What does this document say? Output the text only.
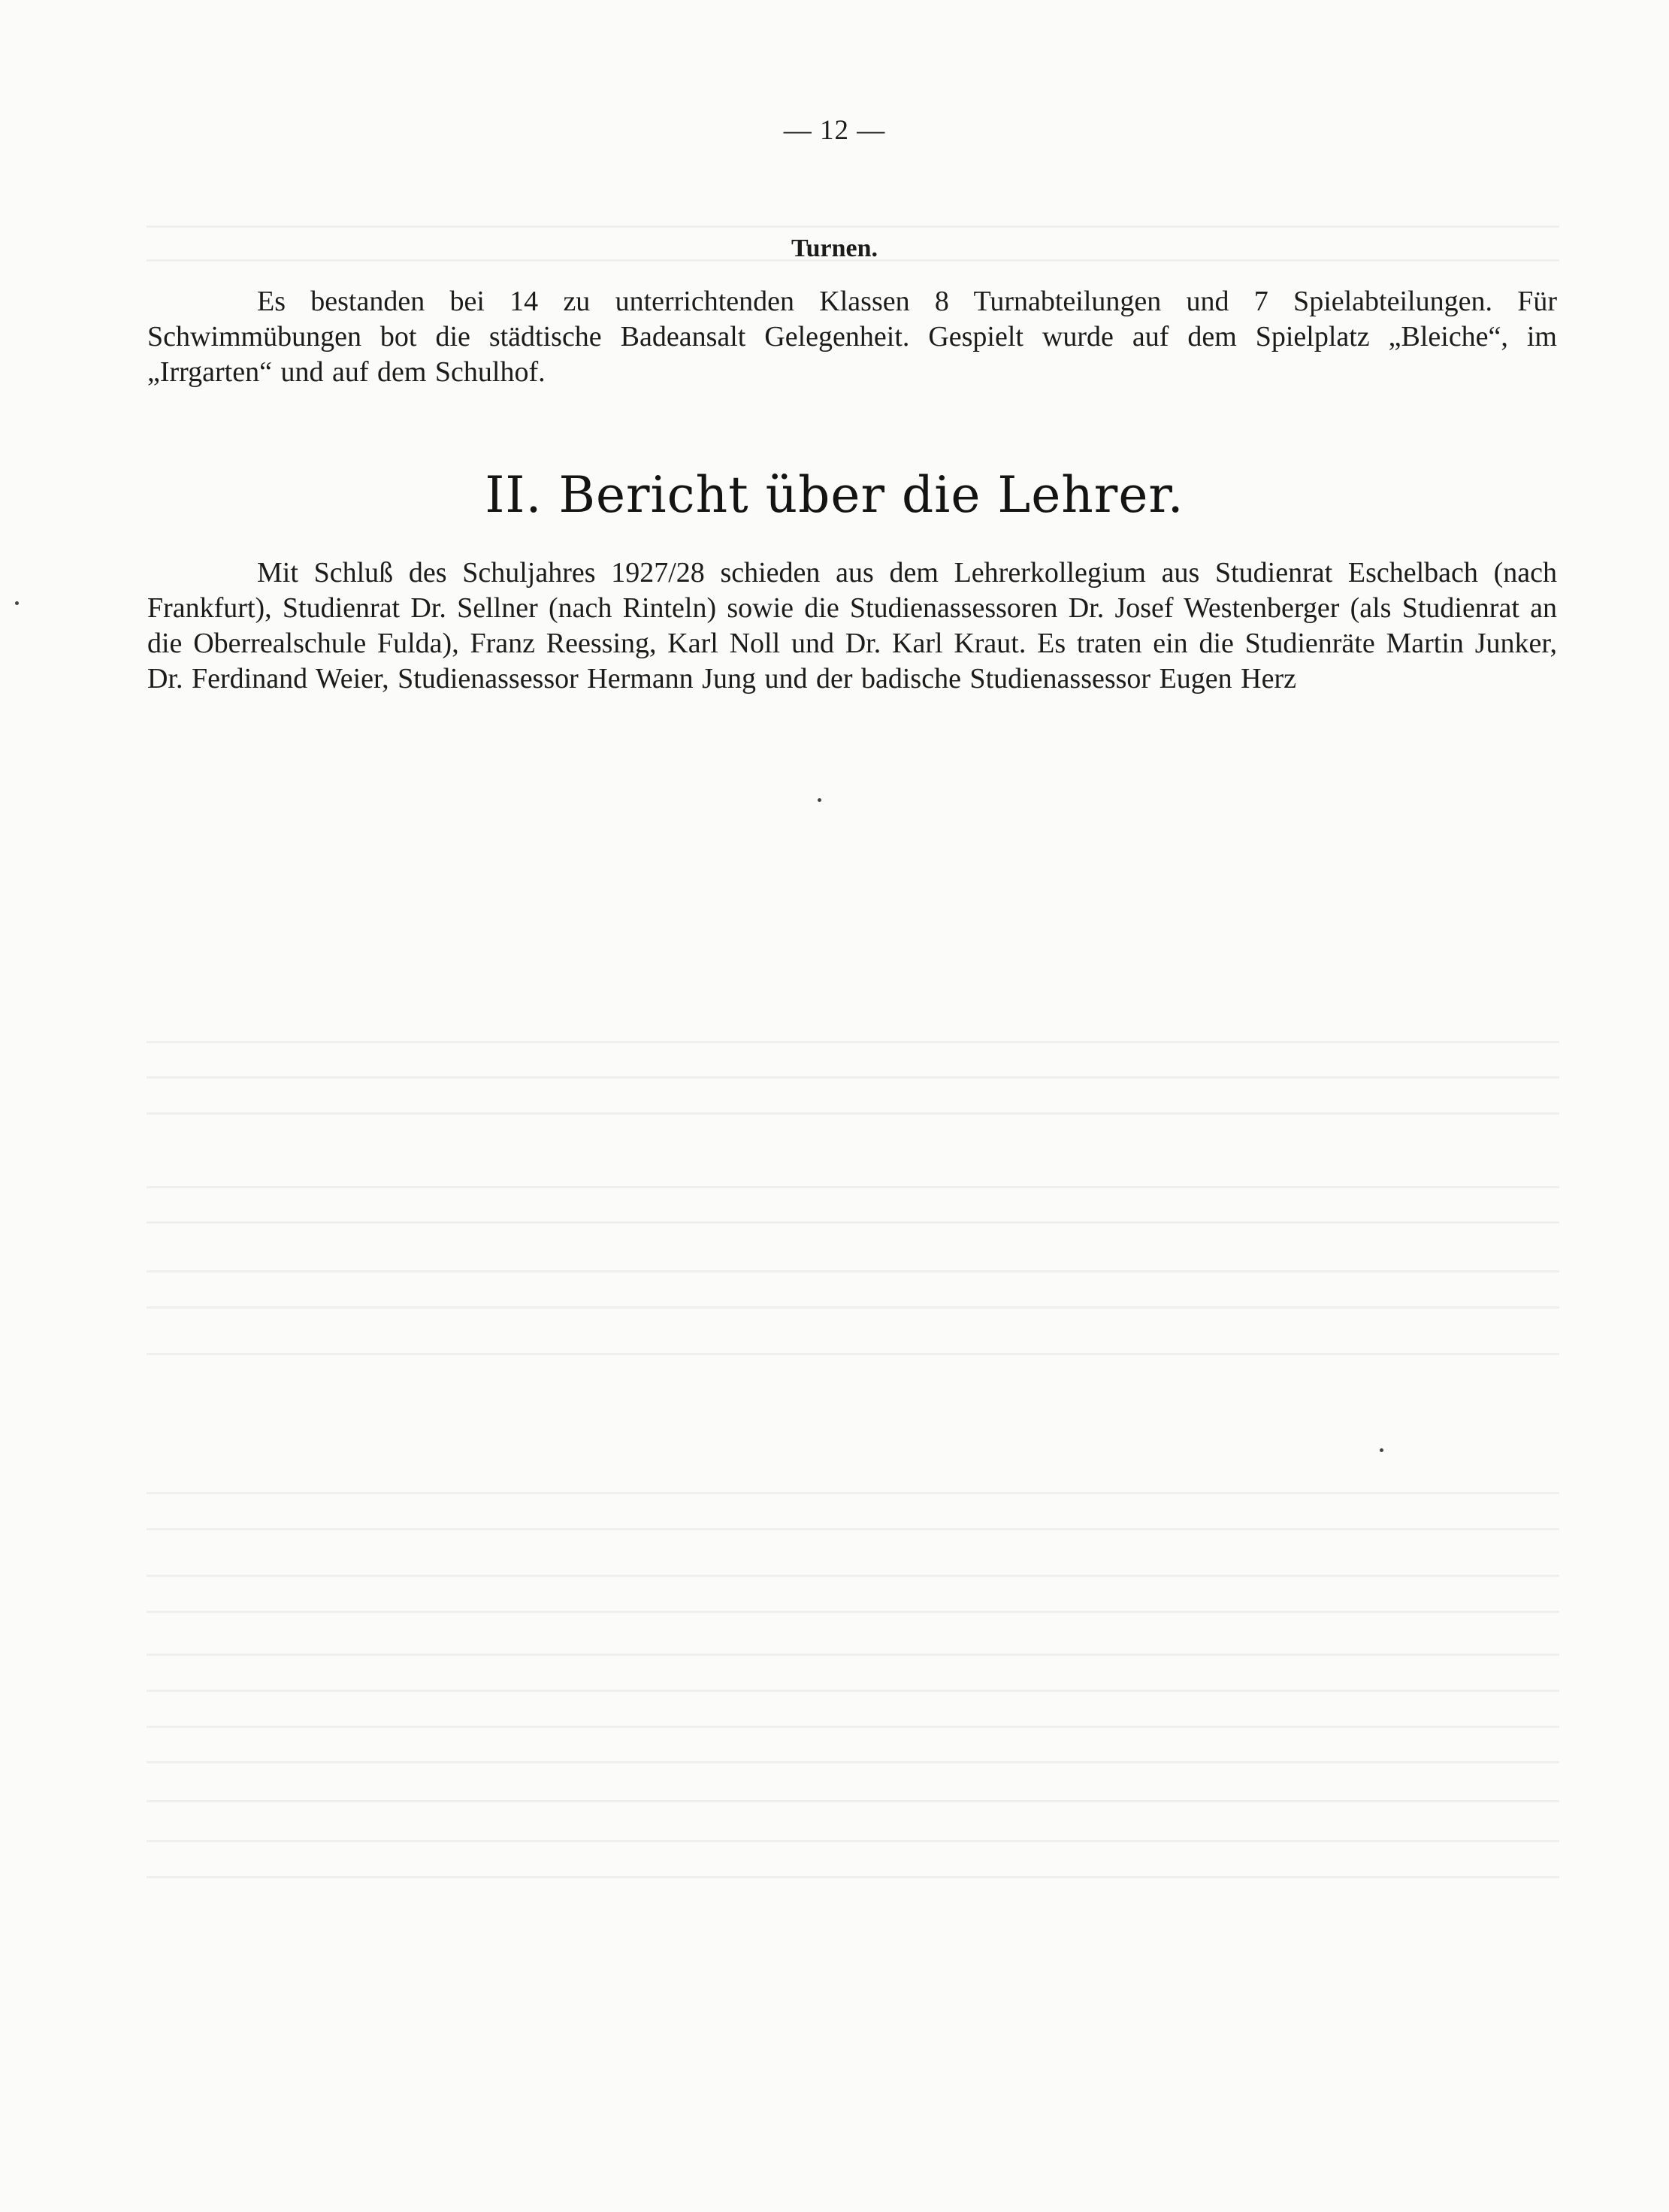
— 12 —
Turnen.

Es bestanden bei 14 zu unterrichtenden Klassen 8 Turnabteilungen und 7 Spielabteilungen. Für Schwimmübungen bot die städtische Badeansalt Gelegenheit. Gespielt wurde auf dem Spielplatz „Bleiche“, im „Irrgarten“ und auf dem Schulhof.

II. Bericht über die Lehrer.

Mit Schluß des Schuljahres 1927/28 schieden aus dem Lehrerkollegium aus Studienrat Eschelbach (nach Frankfurt), Studienrat Dr. Sellner (nach Rinteln) sowie die Studienassessoren Dr. Josef Westenberger (als Studienrat an die Oberrealschule Fulda), Franz Reessing, Karl Noll und Dr. Karl Kraut. Es traten ein die Studienräte Martin Junker, Dr. Ferdinand Weier, Studienassessor Hermann Jung und der badische Studienassessor Eugen Herz
